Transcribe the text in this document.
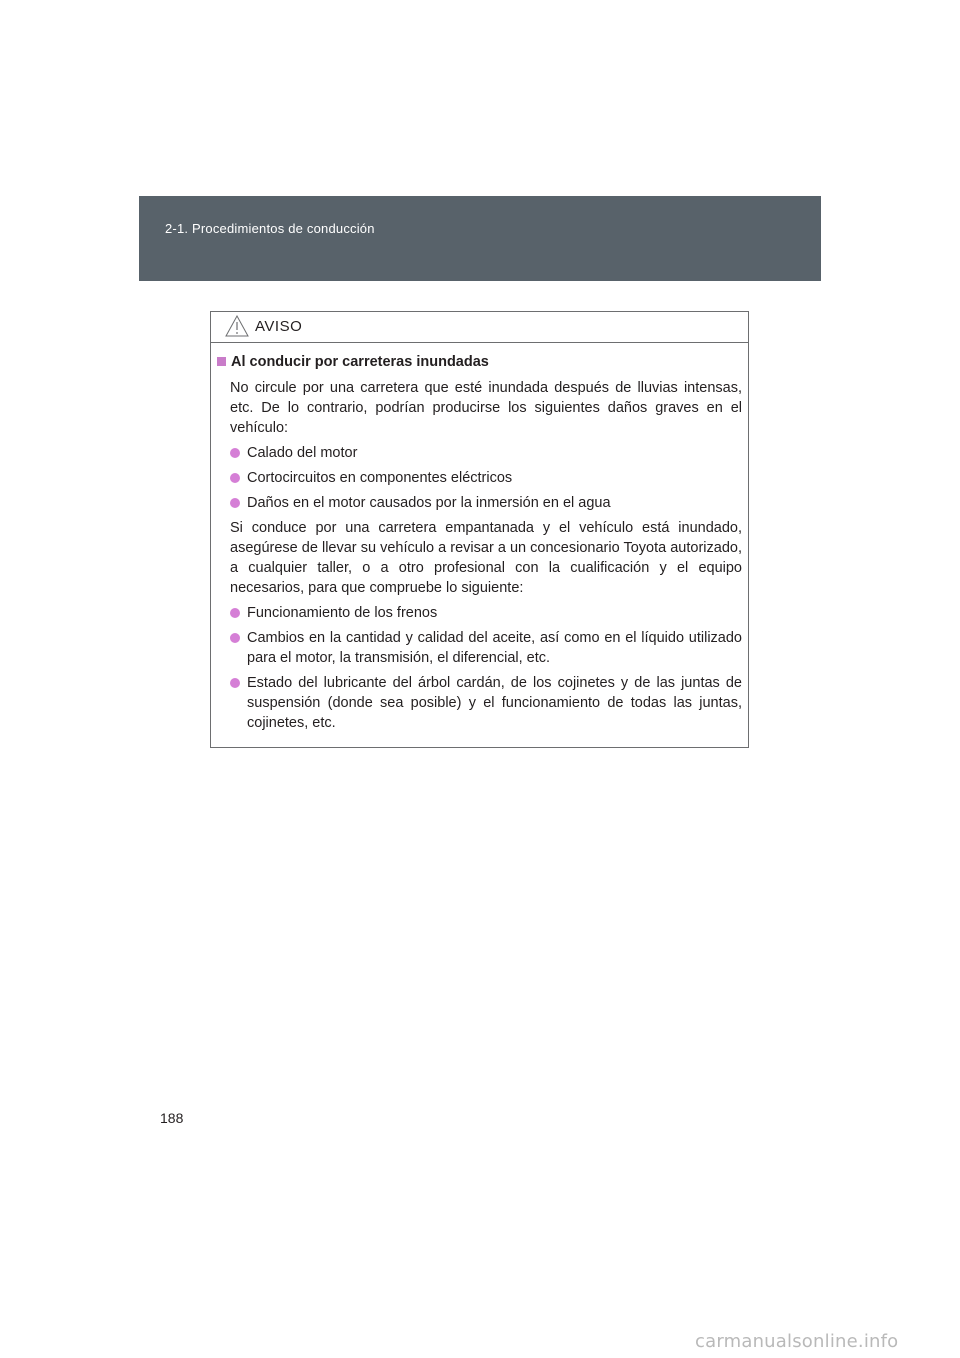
2-1. Procedimientos de conducción
AVISO

Al conducir por carreteras inundadas

No circule por una carretera que esté inundada después de lluvias intensas, etc. De lo contrario, podrían producirse los siguientes daños graves en el vehículo:

Calado del motor
Cortocircuitos en componentes eléctricos
Daños en el motor causados por la inmersión en el agua

Si conduce por una carretera empantanada y el vehículo está inundado, asegúrese de llevar su vehículo a revisar a un concesionario Toyota autorizado, a cualquier taller, o a otro profesional con la cualificación y el equipo necesarios, para que compruebe lo siguiente:

Funcionamiento de los frenos
Cambios en la cantidad y calidad del aceite, así como en el líquido utilizado para el motor, la transmisión, el diferencial, etc.
Estado del lubricante del árbol cardán, de los cojinetes y de las juntas de suspensión (donde sea posible) y el funcionamiento de todas las juntas, cojinetes, etc.
188
carmanualsonline.info
